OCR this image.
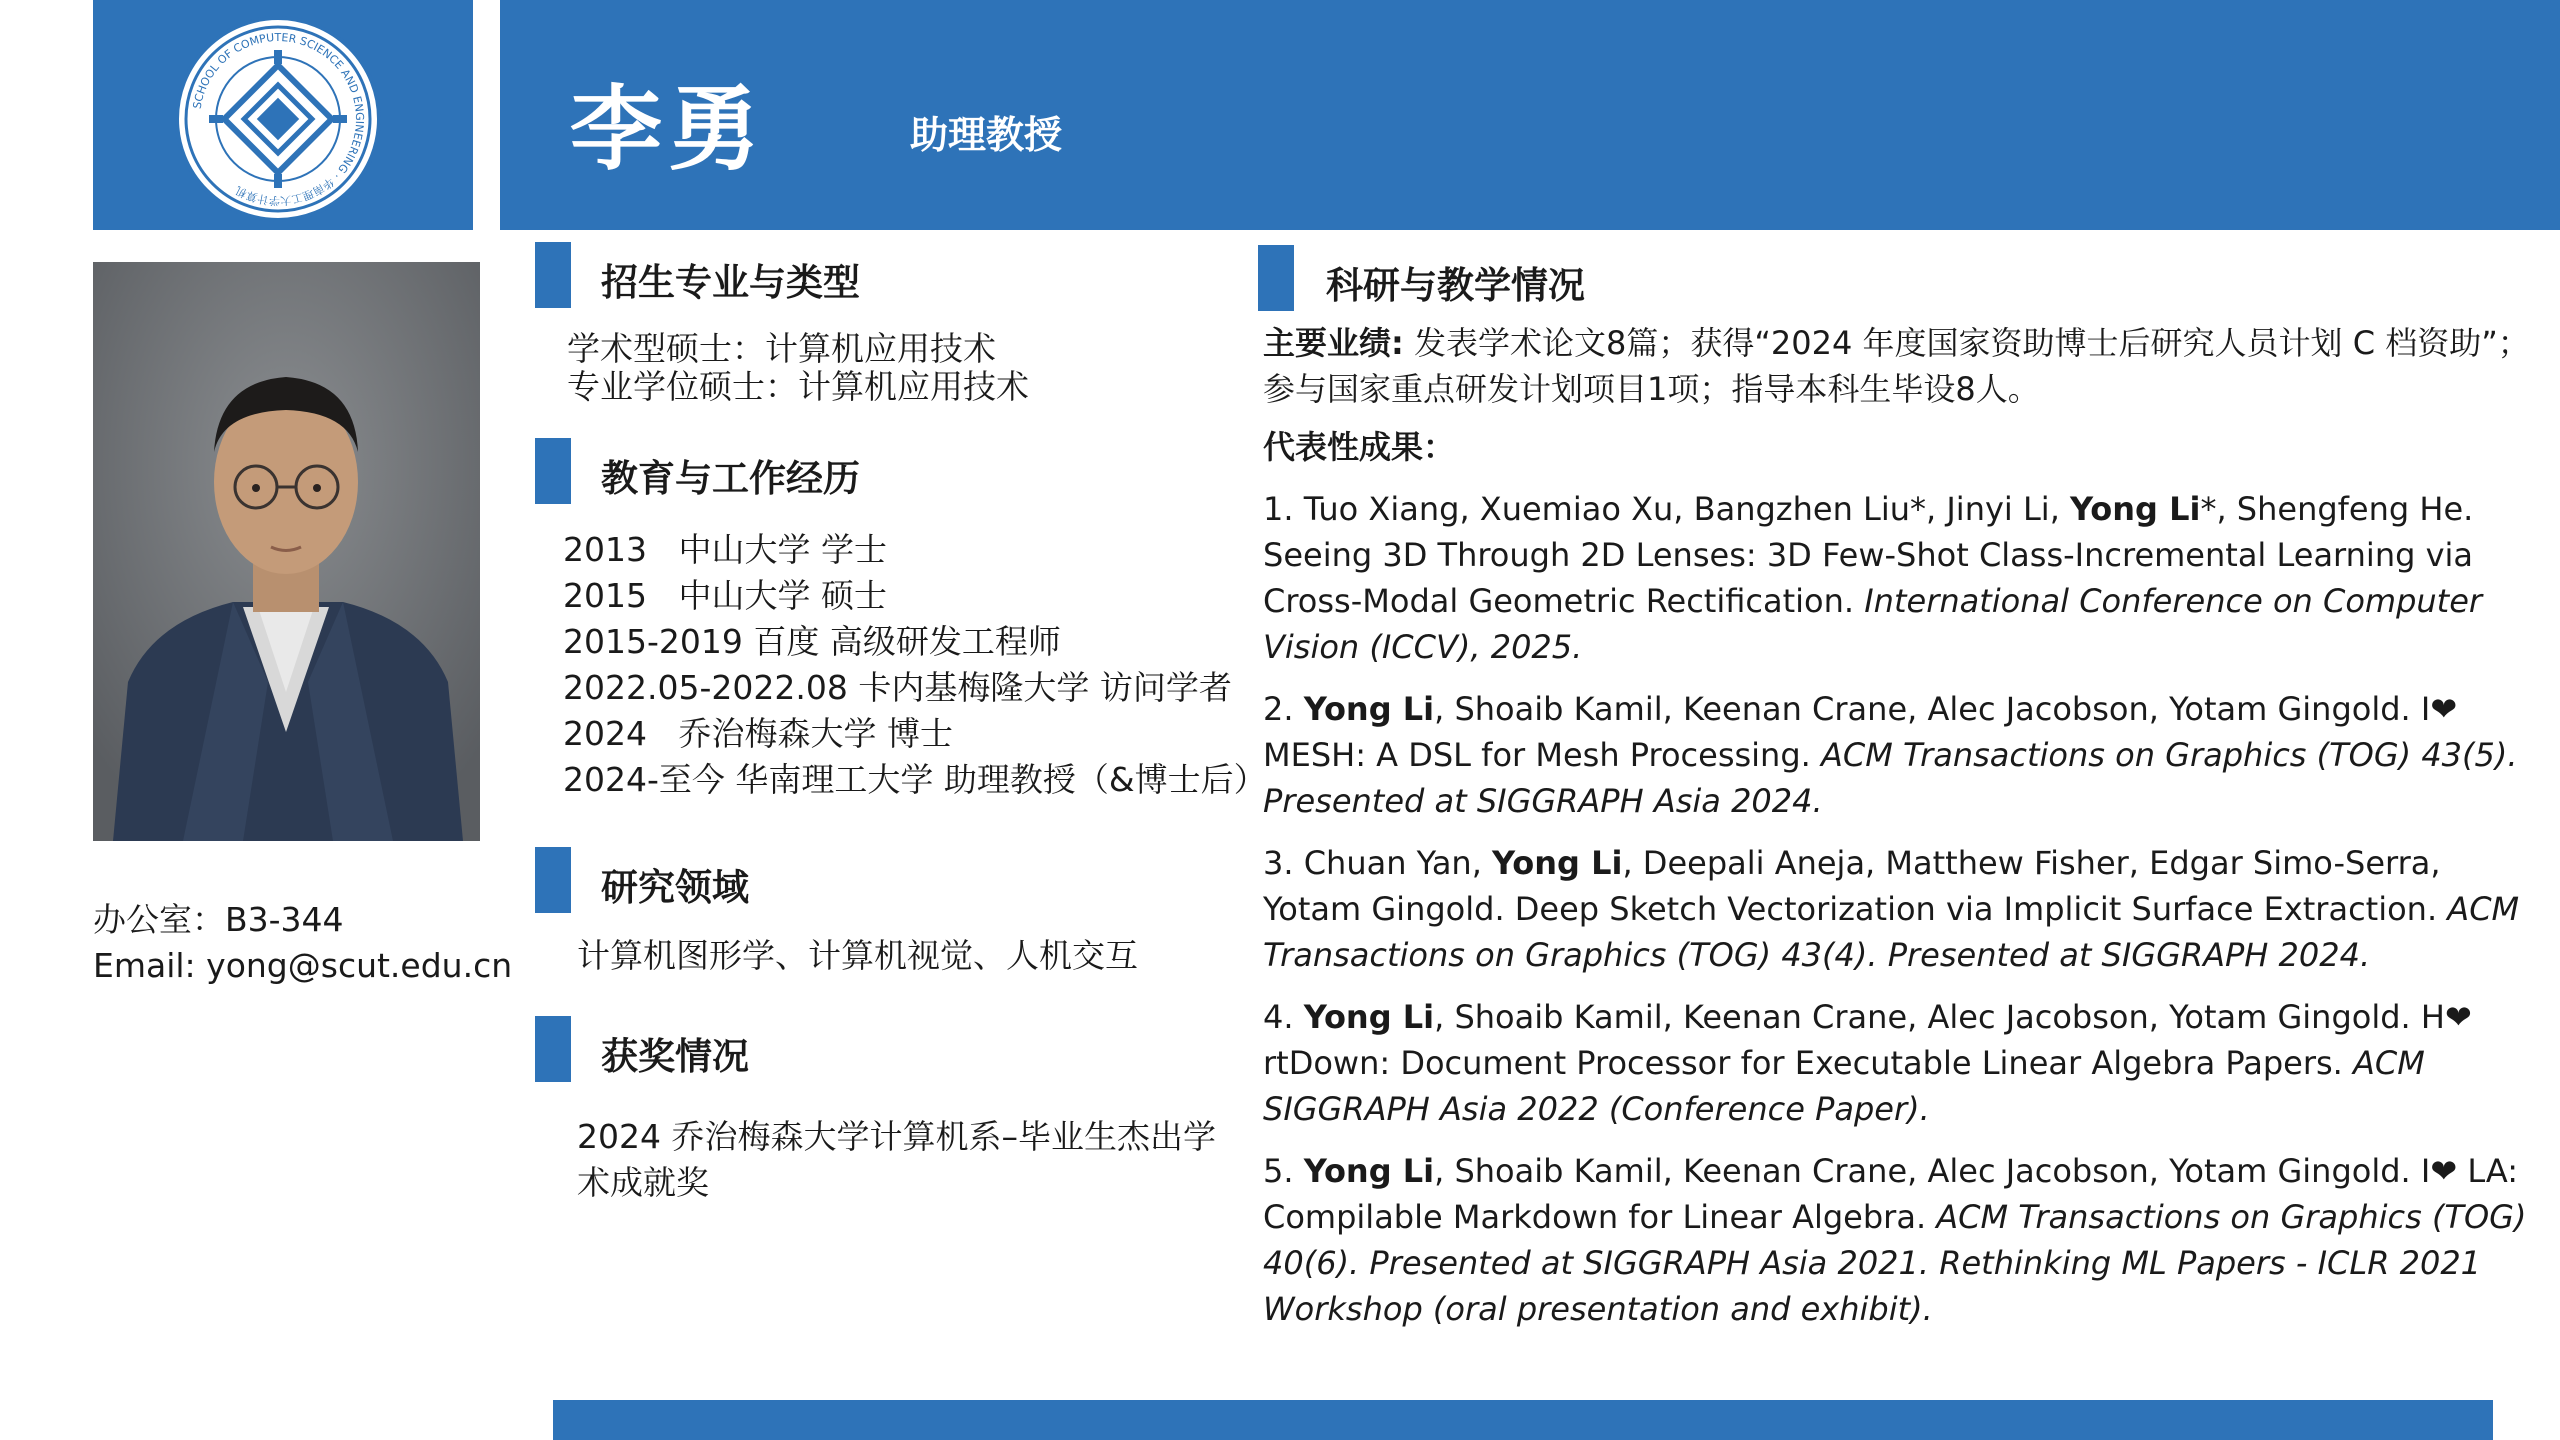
SCHOOL OF COMPUTER SCIENCE AND ENGINEERING · 华南理工大学计算机
李勇	助理教授
办公室：B3-344
Email: yong@scut.edu.cn
招生专业与类型
学术型硕士：计算机应用技术
专业学位硕士：计算机应用技术
教育与工作经历
2013 中山大学 学士
2015 中山大学 硕士
2015-2019 百度 高级研发工程师
2022.05-2022.08 卡内基梅隆大学 访问学者
2024 乔治梅森大学 博士
2024-至今 华南理工大学 助理教授（&博士后）
研究领域
计算机图形学、计算机视觉、人机交互
获奖情况
2024 乔治梅森大学计算机系–毕业生杰出学
术成就奖
科研与教学情况

主要业绩: 发表学术论文8篇；获得“2024 年度国家资助博士后研究人员计划 C 档资助”；参与国家重点研发计划项目1项；指导本科生毕设8人。

代表性成果：

1. Tuo Xiang, Xuemiao Xu, Bangzhen Liu*, Jinyi Li, Yong Li*, Shengfeng He. Seeing 3D Through 2D Lenses: 3D Few-Shot Class-Incremental Learning via Cross-Modal Geometric Rectification. International Conference on Computer Vision (ICCV), 2025.

2. Yong Li, Shoaib Kamil, Keenan Crane, Alec Jacobson, Yotam Gingold. I❤ MESH: A DSL for Mesh Processing. ACM Transactions on Graphics (TOG) 43(5). Presented at SIGGRAPH Asia 2024.

3. Chuan Yan, Yong Li, Deepali Aneja, Matthew Fisher, Edgar Simo-Serra, Yotam Gingold. Deep Sketch Vectorization via Implicit Surface Extraction. ACM Transactions on Graphics (TOG) 43(4). Presented at SIGGRAPH 2024.

4. Yong Li, Shoaib Kamil, Keenan Crane, Alec Jacobson, Yotam Gingold. H❤ rtDown: Document Processor for Executable Linear Algebra Papers. ACM SIGGRAPH Asia 2022 (Conference Paper).

5. Yong Li, Shoaib Kamil, Keenan Crane, Alec Jacobson, Yotam Gingold. I❤ LA: Compilable Markdown for Linear Algebra. ACM Transactions on Graphics (TOG) 40(6). Presented at SIGGRAPH Asia 2021. Rethinking ML Papers - ICLR 2021 Workshop (oral presentation and exhibit).
